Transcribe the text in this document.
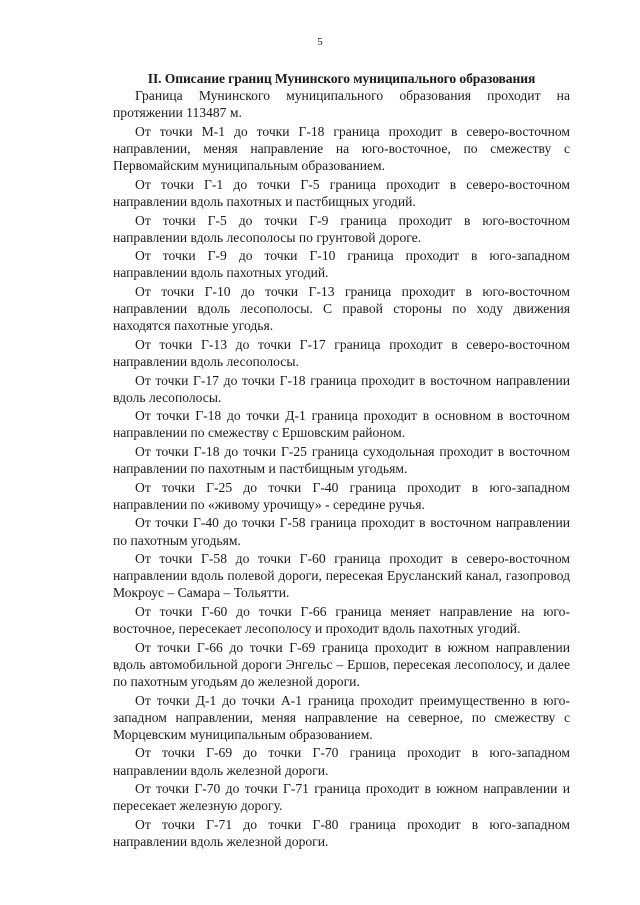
5

II. Описание границ Мунинского муниципального образования

Граница Мунинского муниципального образования проходит на протяжении 113487 м.

От точки М-1 до точки Г-18 граница проходит в северо-восточном направлении, меняя направление на юго-восточное, по смежеству с Первомайским муниципальным образованием.

От точки Г-1 до точки Г-5 граница проходит в северо-восточном направлении вдоль пахотных и пастбищных угодий.

От точки Г-5 до точки Г-9 граница проходит в юго-восточном направлении вдоль лесополосы по грунтовой дороге.

От точки Г-9 до точки Г-10 граница проходит в юго-западном направлении вдоль пахотных угодий.

От точки Г-10 до точки Г-13 граница проходит в юго-восточном направлении вдоль лесополосы. С правой стороны по ходу движения находятся пахотные угодья.

От точки Г-13 до точки Г-17 граница проходит в северо-восточном направлении вдоль лесополосы.

От точки Г-17 до точки Г-18 граница проходит в восточном направлении вдоль лесополосы.

От точки Г-18 до точки Д-1 граница проходит в основном в восточном направлении по смежеству с Ершовским районом.

От точки Г-18 до точки Г-25 граница суходольная проходит в восточном направлении по пахотным и пастбищным угодьям.

От точки Г-25 до точки Г-40 граница проходит в юго-западном направлении по «живому урочищу» - середине ручья.

От точки Г-40 до точки Г-58 граница проходит в восточном направлении по пахотным угодьям.

От точки Г-58 до точки Г-60 граница проходит в северо-восточном направлении вдоль полевой дороги, пересекая Еруслaнский канал, газопровод Мокроус – Самара – Тольятти.

От точки Г-60 до точки Г-66 граница меняет направление на юго-восточное, пересекает лесополосу и проходит вдоль пахотных угодий.

От точки Г-66 до точки Г-69 граница проходит в южном направлении вдоль автомобильной дороги Энгельс – Ершов, пересекая лесополосу, и далее по пахотным угодьям до железной дороги.

От точки Д-1 до точки А-1 граница проходит преимущественно в юго-западном направлении, меняя направление на северное, по смежеству с Морцевским муниципальным образованием.

От точки Г-69 до точки Г-70 граница проходит в юго-западном направлении вдоль железной дороги.

От точки Г-70 до точки Г-71 граница проходит в южном направлении и пересекает железную дорогу.

От точки Г-71 до точки Г-80 граница проходит в юго-западном направлении вдоль железной дороги.
